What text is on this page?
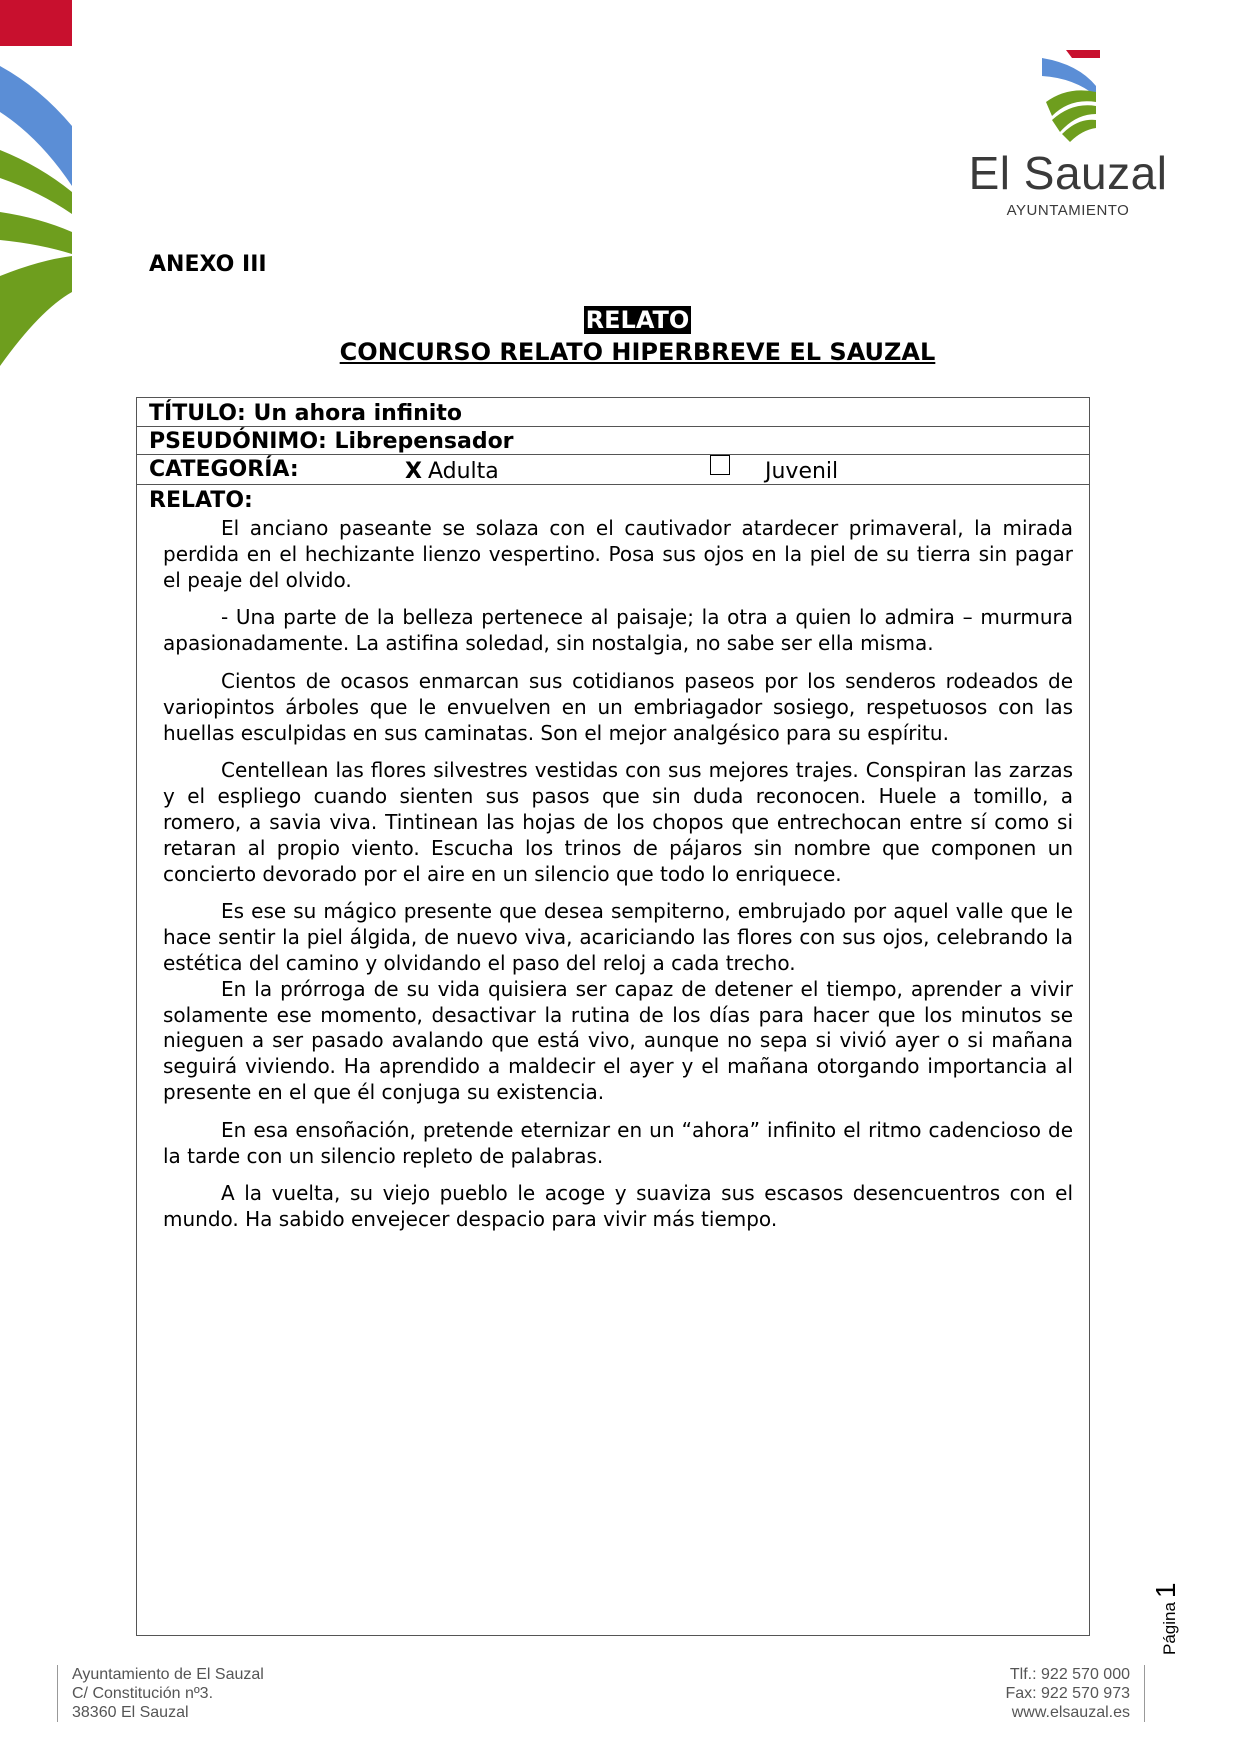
El Sauzal
AYUNTAMIENTO
ANEXO III
RELATO
CONCURSO RELATO HIPERBREVE EL SAUZAL
TÍTULO: Un ahora infinito
PSEUDÓNIMO: Librepensador
CATEGORÍA:	X Adulta	Juvenil
RELATO:

El anciano paseante se solaza con el cautivador atardecer primaveral, la mirada perdida en el hechizante lienzo vespertino. Posa sus ojos en la piel de su tierra sin pagar el peaje del olvido.

- Una parte de la belleza pertenece al paisaje; la otra a quien lo admira – murmura apasionadamente. La astifina soledad, sin nostalgia, no sabe ser ella misma.

Cientos de ocasos enmarcan sus cotidianos paseos por los senderos rodeados de variopintos árboles que le envuelven en un embriagador sosiego, respetuosos con las huellas esculpidas en sus caminatas. Son el mejor analgésico para su espíritu.

Centellean las flores silvestres vestidas con sus mejores trajes. Conspiran las zarzas y el espliego cuando sienten sus pasos que sin duda reconocen. Huele a tomillo, a romero, a savia viva. Tintinean las hojas de los chopos que entrechocan entre sí como si retaran al propio viento. Escucha los trinos de pájaros sin nombre que componen un concierto devorado por el aire en un silencio que todo lo enriquece.

Es ese su mágico presente que desea sempiterno, embrujado por aquel valle que le hace sentir la piel álgida, de nuevo viva, acariciando las flores con sus ojos, celebrando la estética del camino y olvidando el paso del reloj a cada trecho.

En la prórroga de su vida quisiera ser capaz de detener el tiempo, aprender a vivir solamente ese momento, desactivar la rutina de los días para hacer que los minutos se nieguen a ser pasado avalando que está vivo, aunque no sepa si vivió ayer o si mañana seguirá viviendo. Ha aprendido a maldecir el ayer y el mañana otorgando importancia al presente en el que él conjuga su existencia.

En esa ensoñación, pretende eternizar en un “ahora” infinito el ritmo cadencioso de la tarde con un silencio repleto de palabras.

A la vuelta, su viejo pueblo le acoge y suaviza sus escasos desencuentros con el mundo. Ha sabido envejecer despacio para vivir más tiempo.

Página1
Ayuntamiento de El Sauzal
C/ Constitución nº3.
38360 El Sauzal
Tlf.: 922 570 000
Fax: 922 570 973
www.elsauzal.es
